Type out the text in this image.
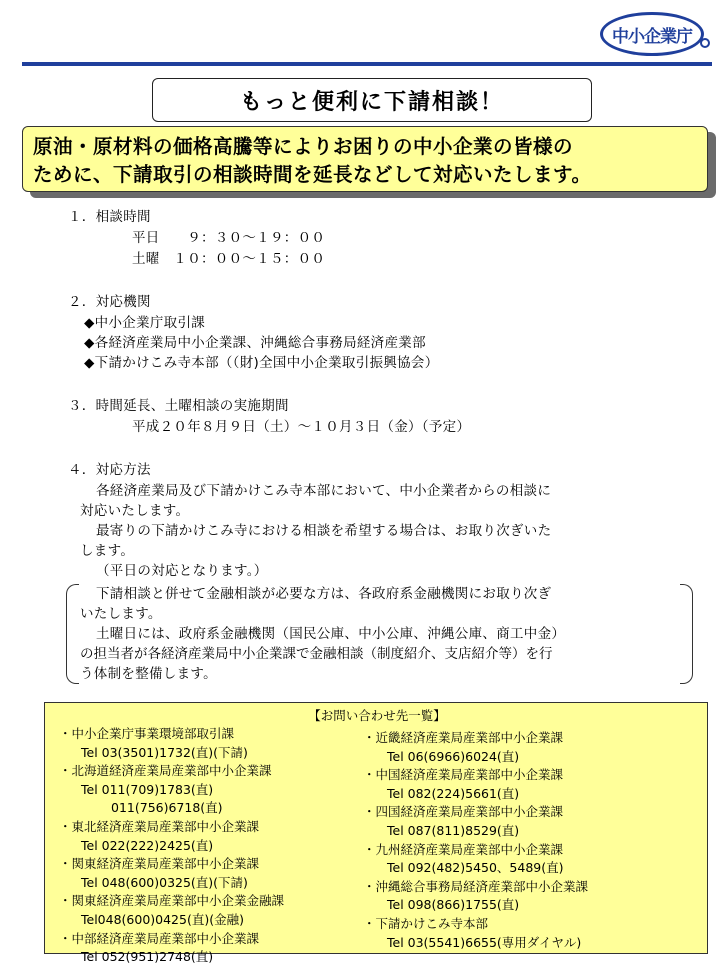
中小企業庁
もっと便利に下請相談！
原油・原材料の価格高騰等によりお困りの中小企業の皆様の
ために、下請取引の相談時間を延長などして対応いたします。
１．相談時間
平日　　９：３０～１９：００
土曜　１０：００～１５：００
２．対応機関
◆中小企業庁取引課
◆各経済産業局中小企業課、沖縄総合事務局経済産業部
◆下請かけこみ寺本部（（財)全国中小企業取引振興協会）
３．時間延長、土曜相談の実施期間
平成２０年８月９日（土）～１０月３日（金）（予定）
４．対応方法
各経済産業局及び下請かけこみ寺本部において、中小企業者からの相談に
対応いたします。
最寄りの下請かけこみ寺における相談を希望する場合は、お取り次ぎいた
します。
（平日の対応となります。）
下請相談と併せて金融相談が必要な方は、各政府系金融機関にお取り次ぎ
いたします。
土曜日には、政府系金融機関（国民公庫、中小公庫、沖縄公庫、商工中金）
の担当者が各経済産業局中小企業課で金融相談（制度紹介、支店紹介等）を行
う体制を整備します。
【お問い合わせ先一覧】
・中小企業庁事業環境部取引課
Tel 03(3501)1732(直)(下請)
・北海道経済産業局産業部中小企業課
Tel 011(709)1783(直)
011(756)6718(直)
・東北経済産業局産業部中小企業課
Tel 022(222)2425(直)
・関東経済産業局産業部中小企業課
Tel 048(600)0325(直)(下請)
・関東経済産業局産業部中小企業金融課
Tel048(600)0425(直)(金融)
・中部経済産業局産業部中小企業課
Tel 052(951)2748(直)
・近畿経済産業局産業部中小企業課
Tel 06(6966)6024(直)
・中国経済産業局産業部中小企業課
Tel 082(224)5661(直)
・四国経済産業局産業部中小企業課
Tel 087(811)8529(直)
・九州経済産業局産業部中小企業課
Tel 092(482)5450、5489(直)
・沖縄総合事務局経済産業部中小企業課
Tel 098(866)1755(直)
・下請かけこみ寺本部
Tel 03(5541)6655(専用ダイヤル)
